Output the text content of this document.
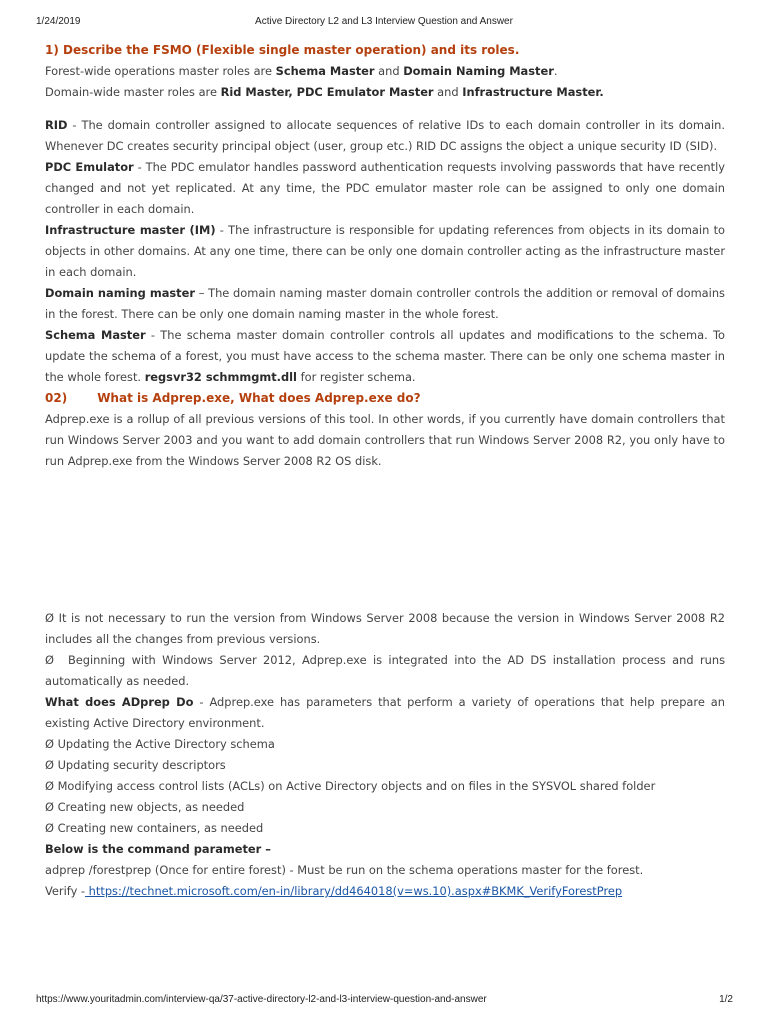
1/24/2019	Active Directory L2 and L3 Interview Question and Answer

1) Describe the FSMO (Flexible single master operation) and its roles.

Forest-wide operations master roles are Schema Master and Domain Naming Master.

Domain-wide master roles are Rid Master, PDC Emulator Master and Infrastructure Master.

RID - The domain controller assigned to allocate sequences of relative IDs to each domain controller in its domain. Whenever DC creates security principal object (user, group etc.) RID DC assigns the object a unique security ID (SID).

PDC Emulator - The PDC emulator handles password authentication requests involving passwords that have recently changed and not yet replicated. At any time, the PDC emulator master role can be assigned to only one domain controller in each domain.

Infrastructure master (IM) - The infrastructure is responsible for updating references from objects in its domain to objects in other domains. At any one time, there can be only one domain controller acting as the infrastructure master in each domain.

Domain naming master – The domain naming master domain controller controls the addition or removal of domains in the forest. There can be only one domain naming master in the whole forest.

Schema Master - The schema master domain controller controls all updates and modifications to the schema. To update the schema of a forest, you must have access to the schema master. There can be only one schema master in the whole forest. regsvr32 schmmgmt.dll for register schema.

02)	What is Adprep.exe, What does Adprep.exe do?

Adprep.exe is a rollup of all previous versions of this tool. In other words, if you currently have domain controllers that run Windows Server 2003 and you want to add domain controllers that run Windows Server 2008 R2, you only have to run Adprep.exe from the Windows Server 2008 R2 OS disk.

Ø It is not necessary to run the version from Windows Server 2008 because the version in Windows Server 2008 R2 includes all the changes from previous versions.

Ø Beginning with Windows Server 2012, Adprep.exe is integrated into the AD DS installation process and runs automatically as needed.

What does ADprep Do - Adprep.exe has parameters that perform a variety of operations that help prepare an existing Active Directory environment.

Ø Updating the Active Directory schema

Ø Updating security descriptors

Ø Modifying access control lists (ACLs) on Active Directory objects and on files in the SYSVOL shared folder

Ø Creating new objects, as needed

Ø Creating new containers, as needed

Below is the command parameter –

adprep /forestprep (Once for entire forest) - Must be run on the schema operations master for the forest.

Verify - https://technet.microsoft.com/en-in/library/dd464018(v=ws.10).aspx#BKMK_VerifyForestPrep

https://www.youritadmin.com/interview-qa/37-active-directory-l2-and-l3-interview-question-and-answer	1/2
